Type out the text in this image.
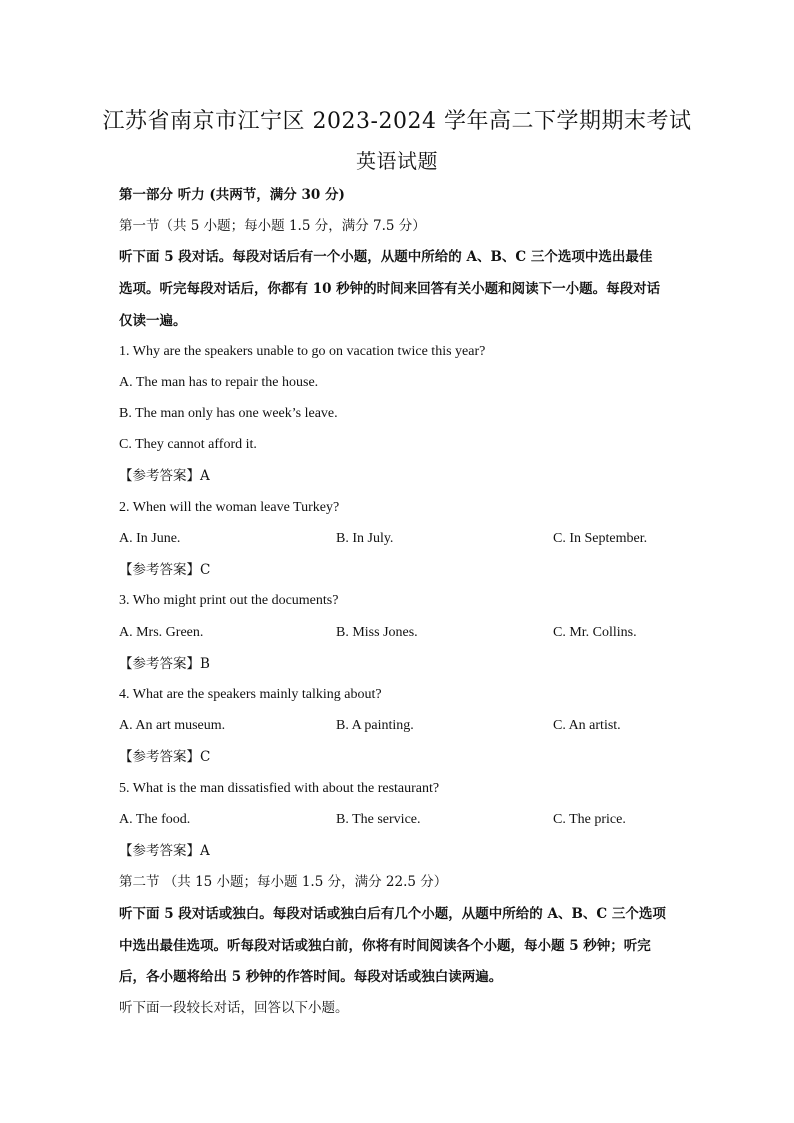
江苏省南京市江宁区 2023-2024 学年高二下学期期末考试
英语试题
第一部分 听力 (共两节，满分 30 分)
第一节（共 5 小题；每小题 1.5 分，满分 7.5 分）
听下面 5 段对话。每段对话后有一个小题，从题中所给的 A、B、C 三个选项中选出最佳
选项。听完每段对话后，你都有 10 秒钟的时间来回答有关小题和阅读下一小题。每段对话
仅读一遍。
1. Why are the speakers unable to go on vacation twice this year?
A. The man has to repair the house.
B. The man only has one week’s leave.
C. They cannot afford it.
【参考答案】A
2. When will the woman leave Turkey?
A. In June.	B. In July.	C. In September.
【参考答案】C
3. Who might print out the documents?
A. Mrs. Green.	B. Miss Jones.	C. Mr. Collins.
【参考答案】B
4. What are the speakers mainly talking about?
A. An art museum.	B. A painting.	C. An artist.
【参考答案】C
5. What is the man dissatisfied with about the restaurant?
A. The food.	B. The service.	C. The price.
【参考答案】A
第二节 （共 15 小题；每小题 1.5 分，满分 22.5 分）
听下面 5 段对话或独白。每段对话或独白后有几个小题，从题中所给的 A、B、C 三个选项
中选出最佳选项。听每段对话或独白前，你将有时间阅读各个小题，每小题 5 秒钟；听完
后，各小题将给出 5 秒钟的作答时间。每段对话或独白读两遍。
听下面一段较长对话，回答以下小题。
